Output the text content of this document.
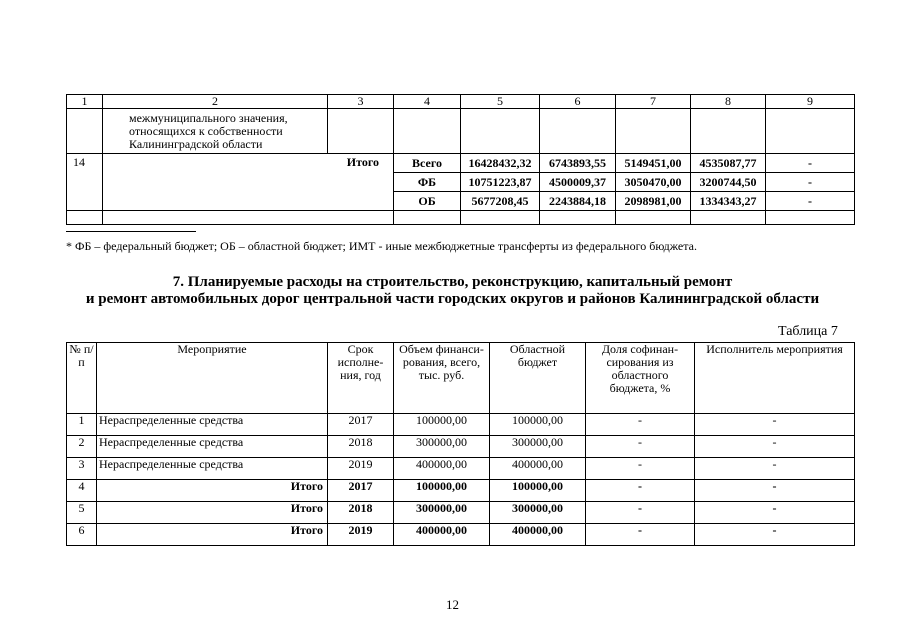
1	2	3	4	5	6	7	8	9
	межмуниципального значения, относящихся к собственности Калининградской области							
14	Итого		Всего	16428432,32	6743893,55	5149451,00	4535087,77	-
			ФБ	10751223,87	4500009,37	3050470,00	3200744,50	-
			ОБ	5677208,45	2243884,18	2098981,00	1334343,27	-

* ФБ – федеральный бюджет; ОБ – областной бюджет; ИМТ - иные межбюджетные трансферты из федерального бюджета.
7. Планируемые расходы на строительство, реконструкцию, капитальный ремонт
и ремонт автомобильных дорог центральной части городских округов и районов Калининградской области
Таблица 7
№ п/п	Мероприятие	Срок исполне-ния, год	Объем финанси-рования, всего, тыс. руб.	Областной бюджет	Доля софинан-сирования из областного бюджета, %	Исполнитель мероприятия
1	Нераспределенные средства	2017	100000,00	100000,00	-	-
2	Нераспределенные средства	2018	300000,00	300000,00	-	-
3	Нераспределенные средства	2019	400000,00	400000,00	-	-
4	Итого	2017	100000,00	100000,00	-	-
5	Итого	2018	300000,00	300000,00	-	-
6	Итого	2019	400000,00	400000,00	-	-
12
